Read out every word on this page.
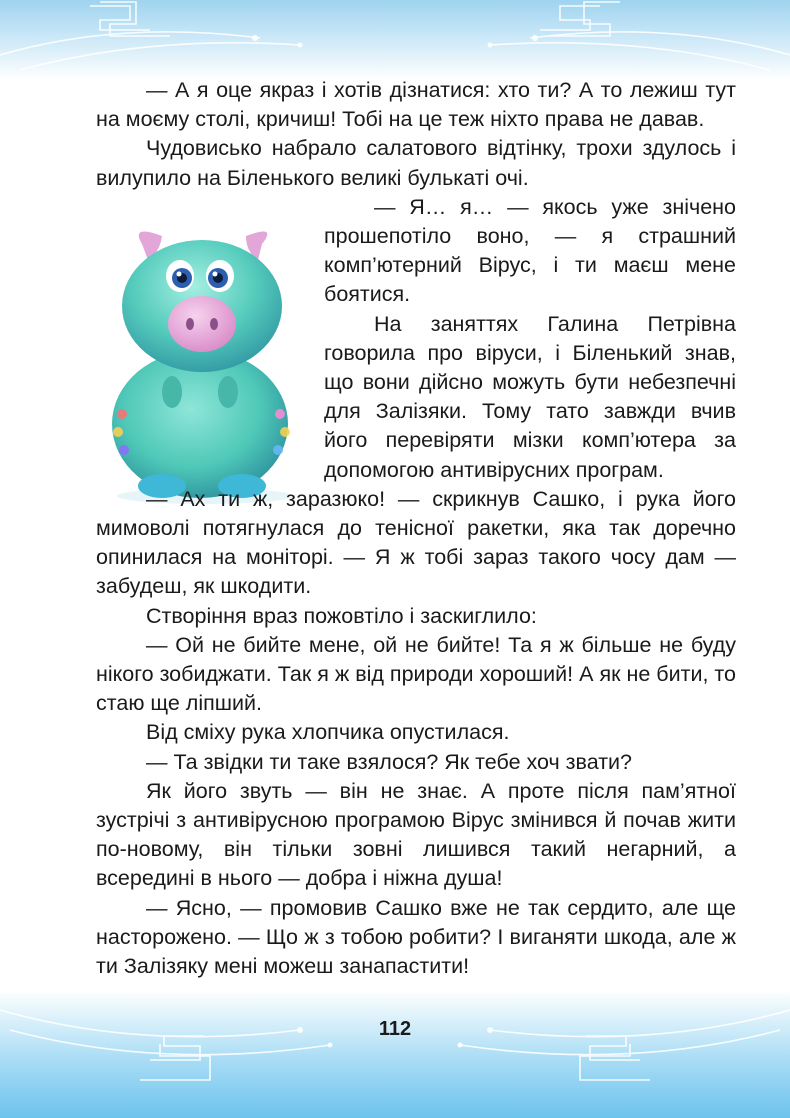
— А я оце якраз і хотів дізнатися: хто ти? А то лежиш тут на моєму столі, кричиш! Тобі на це теж ніхто права не давав.

Чудовисько набрало салатового відтінку, трохи здулось і вилупило на Біленького великі булькаті очі.

— Я… я… — якось уже знічено прошепотіло воно, — я страшний комп’ютерний Вірус, і ти маєш мене боятися.

На заняттях Галина Петрівна говорила про віруси, і Біленький знав, що вони дійсно можуть бути небезпечні для Залізяки. Тому тато завжди вчив його перевіряти мізки комп’ютера за допомогою антивірусних програм.

— Ах ти ж, заразюко! — скрикнув Сашко, і рука його мимоволі потягнулася до тенісної ракетки, яка так доречно опинилася на моніторі. — Я ж тобі зараз такого чосу дам — забудеш, як шкодити.

Створіння враз пожовтіло і заскиглило:

— Ой не бийте мене, ой не бийте! Та я ж більше не буду нікого зобиджати. Так я ж від природи хороший! А як не бити, то стаю ще ліпший.

Від сміху рука хлопчика опустилася.

— Та звідки ти таке взялося? Як тебе хоч звати?

Як його звуть — він не знає. А проте після пам’ятної зустрічі з антивірусною програмою Вірус змінився й почав жити по-новому, він тільки зовні лишився такий негарний, а всередині в нього — добра і ніжна душа!

— Ясно, — промовив Сашко вже не так сердито, але ще насторожено. — Що ж з тобою робити? І виганяти шкода, але ж ти Залізяку мені можеш занапастити!

112
